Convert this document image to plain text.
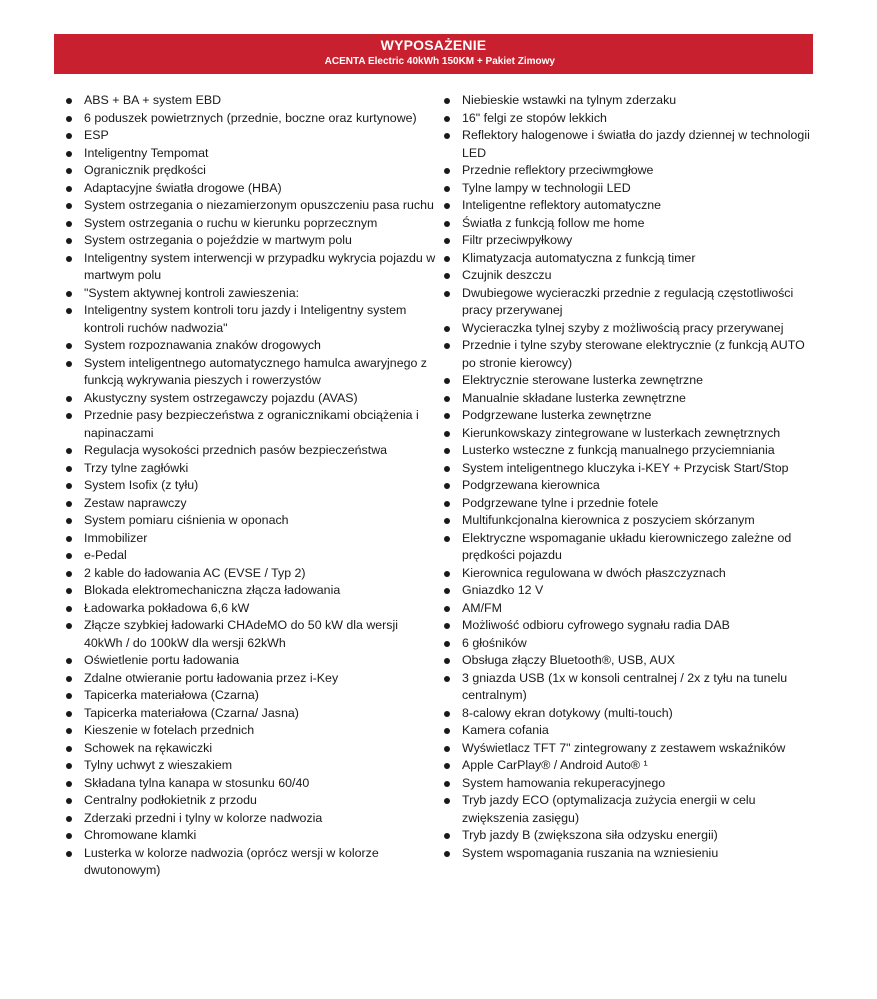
WYPOSAŻENIE
ACENTA Electric 40kWh 150KM + Pakiet Zimowy
ABS + BA + system EBD
6 poduszek powietrznych (przednie, boczne oraz kurtynowe)
ESP
Inteligentny Tempomat
Ogranicznik prędkości
Adaptacyjne światła drogowe (HBA)
System ostrzegania o niezamierzonym opuszczeniu pasa ruchu
System ostrzegania o ruchu w kierunku poprzecznym
System ostrzegania o pojeździe w martwym polu
Inteligentny system interwencji w przypadku wykrycia pojazdu w martwym polu
"System aktywnej kontroli zawieszenia:
Inteligentny system kontroli toru jazdy i Inteligentny system kontroli ruchów nadwozia"
System rozpoznawania znaków drogowych
System inteligentnego automatycznego hamulca awaryjnego z funkcją wykrywania pieszych i rowerzystów
Akustyczny system ostrzegawczy pojazdu (AVAS)
Przednie pasy bezpieczeństwa z ogranicznikami obciążenia i napinaczami
Regulacja wysokości przednich pasów bezpieczeństwa
Trzy tylne zagłówki
System Isofix (z tyłu)
Zestaw naprawczy
System pomiaru ciśnienia w oponach
Immobilizer
e-Pedal
2 kable do ładowania AC (EVSE / Typ 2)
Blokada elektromechaniczna złącza ładowania
Ładowarka pokładowa 6,6 kW
Złącze szybkiej ładowarki CHAdeMO do 50 kW dla wersji 40kWh / do 100kW dla wersji 62kWh
Oświetlenie portu ładowania
Zdalne otwieranie portu ładowania przez i-Key
Tapicerka materiałowa (Czarna)
Tapicerka materiałowa (Czarna/ Jasna)
Kieszenie w fotelach przednich
Schowek na rękawiczki
Tylny uchwyt z wieszakiem
Składana tylna kanapa w stosunku 60/40
Centralny podłokietnik z przodu
Zderzaki przedni i tylny w kolorze nadwozia
Chromowane klamki
Lusterka w kolorze nadwozia (oprócz wersji w kolorze dwutonowym)
Niebieskie wstawki na tylnym zderzaku
16" felgi ze stopów lekkich
Reflektory halogenowe i światła do jazdy dziennej w technologii LED
Przednie reflektory przeciwmgłowe
Tylne lampy w technologii LED
Inteligentne reflektory automatyczne
Światła z funkcją follow me home
Filtr przeciwpyłkowy
Klimatyzacja automatyczna z funkcją timer
Czujnik deszczu
Dwubiegowe wycieraczki przednie z regulacją częstotliwości pracy przerywanej
Wycieraczka tylnej szyby z możliwością pracy przerywanej
Przednie i tylne szyby sterowane elektrycznie (z funkcją AUTO po stronie kierowcy)
Elektrycznie sterowane lusterka zewnętrzne
Manualnie składane lusterka zewnętrzne
Podgrzewane lusterka zewnętrzne
Kierunkowskazy zintegrowane w lusterkach zewnętrznych
Lusterko wsteczne z funkcją manualnego przyciemniania
System inteligentnego kluczyka i-KEY + Przycisk Start/Stop
Podgrzewana kierownica
Podgrzewane tylne i przednie fotele
Multifunkcjonalna kierownica z poszyciem skórzanym
Elektryczne wspomaganie układu kierowniczego zależne od prędkości pojazdu
Kierownica regulowana w dwóch płaszczyznach
Gniazdko 12 V
AM/FM
Możliwość odbioru cyfrowego sygnału radia DAB
6 głośników
Obsługa złączy Bluetooth®, USB, AUX
3 gniazda USB (1x w konsoli centralnej / 2x z tyłu na tunelu centralnym)
8-calowy ekran dotykowy (multi-touch)
Kamera cofania
Wyświetlacz TFT 7" zintegrowany z zestawem wskaźników
Apple CarPlay® / Android Auto® ¹
System hamowania rekuperacyjnego
Tryb jazdy ECO (optymalizacja zużycia energii w celu zwiększenia zasięgu)
Tryb jazdy B (zwiększona siła odzysku energii)
System wspomagania ruszania na wzniesieniu
